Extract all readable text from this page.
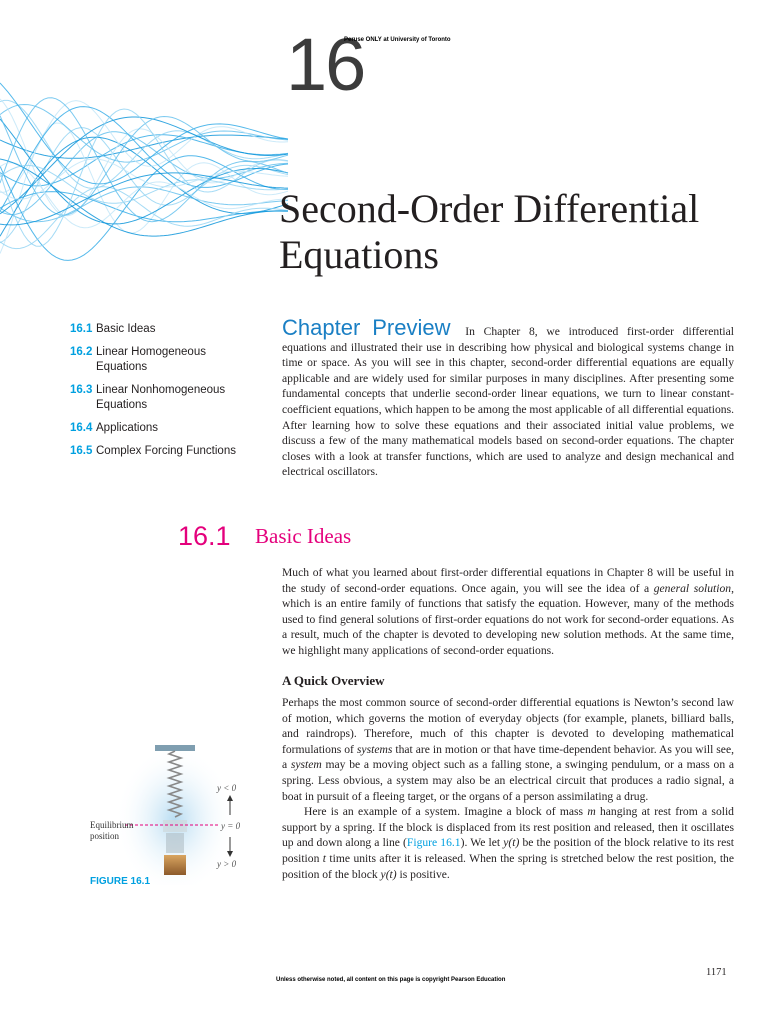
16
Peruse ONLY at University of Toronto
Second-Order Differential
Equations
16.1 Basic Ideas
16.2 Linear Homogeneous Equations
16.3 Linear Nonhomogeneous Equations
16.4 Applications
16.5 Complex Forcing Functions
Chapter Preview In Chapter 8, we introduced first-order differential equations and illustrated their use in describing how physical and biological systems change in time or space. As you will see in this chapter, second-order differential equations are equally applicable and are widely used for similar purposes in many disciplines. After presenting some fundamental concepts that underlie second-order linear equations, we turn to linear constant-coefficient equations, which happen to be among the most applicable of all differential equations. After learning how to solve these equations and their associated initial value problems, we discuss a few of the many mathematical models based on second-order equations. The chapter closes with a look at transfer functions, which are used to analyze and design mechanical and electrical oscillators.
16.1 Basic Ideas
Much of what you learned about first-order differential equations in Chapter 8 will be useful in the study of second-order equations. Once again, you will see the idea of a general solution, which is an entire family of functions that satisfy the equation. However, many of the methods used to find general solutions of first-order equations do not work for second-order equations. As a result, much of the chapter is devoted to developing new solution methods. At the same time, we highlight many applications of second-order equations.
A Quick Overview

Perhaps the most common source of second-order differential equations is Newton’s second law of motion, which governs the motion of everyday objects (for example, planets, billiard balls, and raindrops). Therefore, much of this chapter is devoted to developing mathematical formulations of systems that are in motion or that have time-dependent behavior. As you will see, a system may be a moving object such as a falling stone, a swinging pendulum, or a mass on a spring. Less obvious, a system may also be an electrical circuit that produces a radio signal, a boat in pursuit of a fleeing target, or the organs of a person assimilating a drug.

Here is an example of a system. Imagine a block of mass m hanging at rest from a solid support by a spring. If the block is displaced from its rest position and released, then it oscillates up and down along a line (Figure 16.1). We let y(t) be the position of the block relative to its rest position t time units after it is released. When the spring is stretched below the rest position, the position of the block y(t) is positive.

y < 0
y = 0
y > 0
Equilibrium
position
FIGURE 16.1
Unless otherwise noted, all content on this page is copyright Pearson Education
1171
